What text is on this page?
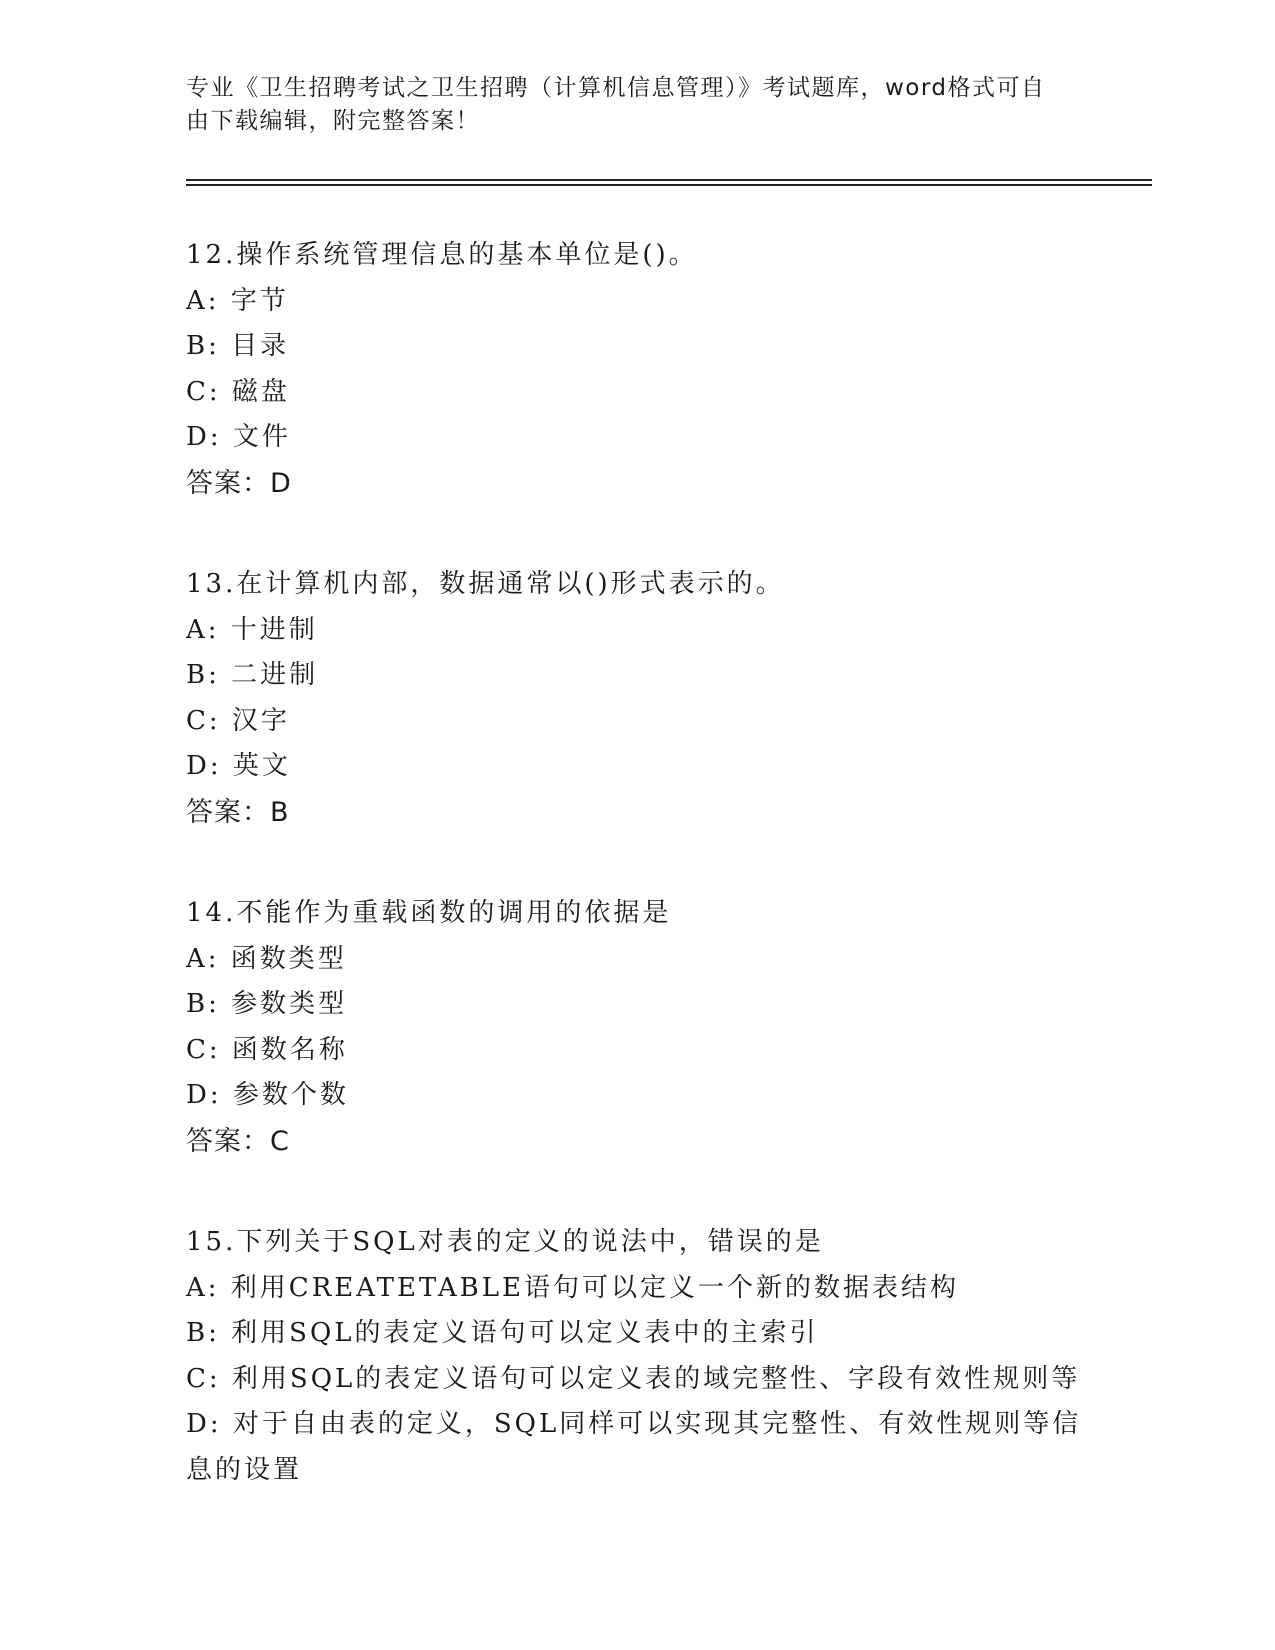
专业《卫生招聘考试之卫生招聘（计算机信息管理）》考试题库，word格式可自由下载编辑，附完整答案！
12.操作系统管理信息的基本单位是()。
A: 字节
B: 目录
C: 磁盘
D: 文件
答案：D
13.在计算机内部，数据通常以()形式表示的。
A: 十进制
B: 二进制
C: 汉字
D: 英文
答案：B
14.不能作为重载函数的调用的依据是
A: 函数类型
B: 参数类型
C: 函数名称
D: 参数个数
答案：C
15.下列关于SQL对表的定义的说法中，错误的是
A: 利用CREATETABLE语句可以定义一个新的数据表结构
B: 利用SQL的表定义语句可以定义表中的主索引
C: 利用SQL的表定义语句可以定义表的域完整性、字段有效性规则等
D: 对于自由表的定义，SQL同样可以实现其完整性、有效性规则等信息的设置
